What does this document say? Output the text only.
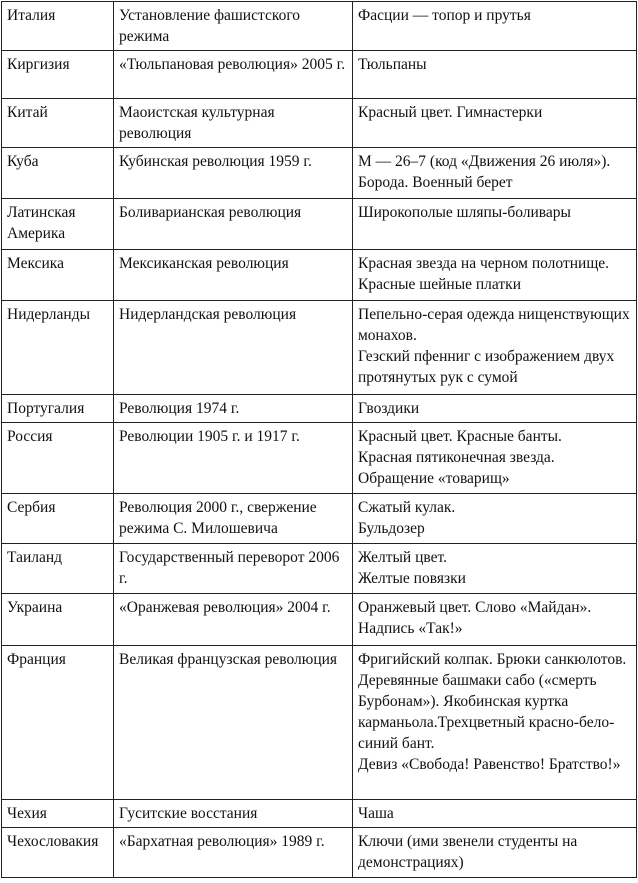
Италия	Установление фашистского режима	Фасции — топор и прутья

Киргизия	«Тюльпановая революция» 2005 г.	Тюльпаны

Китай	Маоистская культурная революция	Красный цвет. Гимнастерки

Куба	Кубинская революция 1959 г.	М — 26–7 (код «Движения 26 июля»). Борода. Военный берет

Латинская Америка	Боливарианская революция	Широкополые шляпы-боливары

Мексика	Мексиканская революция	Красная звезда на черном полотнище. Красные шейные платки

Нидерланды	Нидерландская революция	Пепельно-серая одежда нищенствующих монахов.
Гезский пфенниг с изображением двух протянутых рук с сумой

Португалия	Революция 1974 г.	Гвоздики

Россия	Революции 1905 г. и 1917 г.	Красный цвет. Красные банты.
Красная пятиконечная звезда.
Обращение «товарищ»

Сербия	Революция 2000 г., свержение режима С. Милошевича	Сжатый кулак.
Бульдозер

Таиланд	Государственный переворот 2006 г.	Желтый цвет.
Желтые повязки

Украина	«Оранжевая революция» 2004 г.	Оранжевый цвет. Слово «Майдан».
Надпись «Так!»

Франция	Великая французская революция	Фригийский колпак. Брюки санкюлотов. Деревянные башмаки сабо («смерть Бурбонам»). Якобинская куртка карманьола.Трехцветный красно-бело-синий бант.
Девиз «Свобода! Равенство! Братство!»

Чехия	Гуситские восстания	Чаша

Чехословакия	«Бархатная революция» 1989 г.	Ключи (ими звенели студенты на демонстрациях)
